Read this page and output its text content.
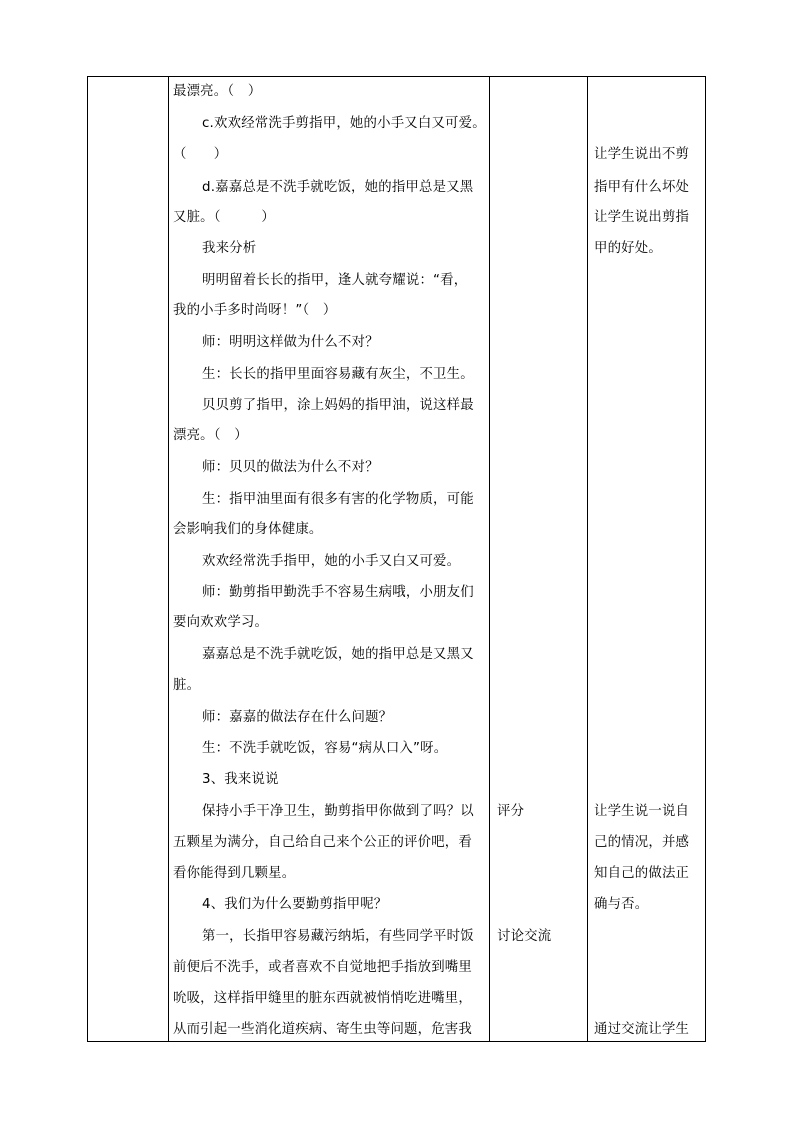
最漂亮。（　）
c.欢欢经常洗手剪指甲，她的小手又白又可爱。
（　　）
d.嘉嘉总是不洗手就吃饭，她的指甲总是又黑
又脏。（　　　）
我来分析
明明留着长长的指甲，逢人就夸耀说：“看，
我的小手多时尚呀！”（　）
师：明明这样做为什么不对？
生：长长的指甲里面容易藏有灰尘，不卫生。
贝贝剪了指甲，涂上妈妈的指甲油，说这样最
漂亮。（　）
师：贝贝的做法为什么不对？
生：指甲油里面有很多有害的化学物质，可能
会影响我们的身体健康。
欢欢经常洗手指甲，她的小手又白又可爱。
师：勤剪指甲勤洗手不容易生病哦，小朋友们
要向欢欢学习。
嘉嘉总是不洗手就吃饭，她的指甲总是又黑又
脏。
师：嘉嘉的做法存在什么问题？
生：不洗手就吃饭，容易“病从口入”呀。
3、我来说说
保持小手干净卫生，勤剪指甲你做到了吗？以
五颗星为满分，自己给自己来个公正的评价吧，看
看你能得到几颗星。
4、我们为什么要勤剪指甲呢？
第一，长指甲容易藏污纳垢，有些同学平时饭
前便后不洗手，或者喜欢不自觉地把手指放到嘴里
吮吸，这样指甲缝里的脏东西就被悄悄吃进嘴里，
从而引起一些消化道疾病、寄生虫等问题，危害我
评分
讨论交流
让学生说出不剪
指甲有什么坏处
让学生说出剪指
甲的好处。
让学生说一说自
己的情况，并感
知自己的做法正
确与否。
通过交流让学生
